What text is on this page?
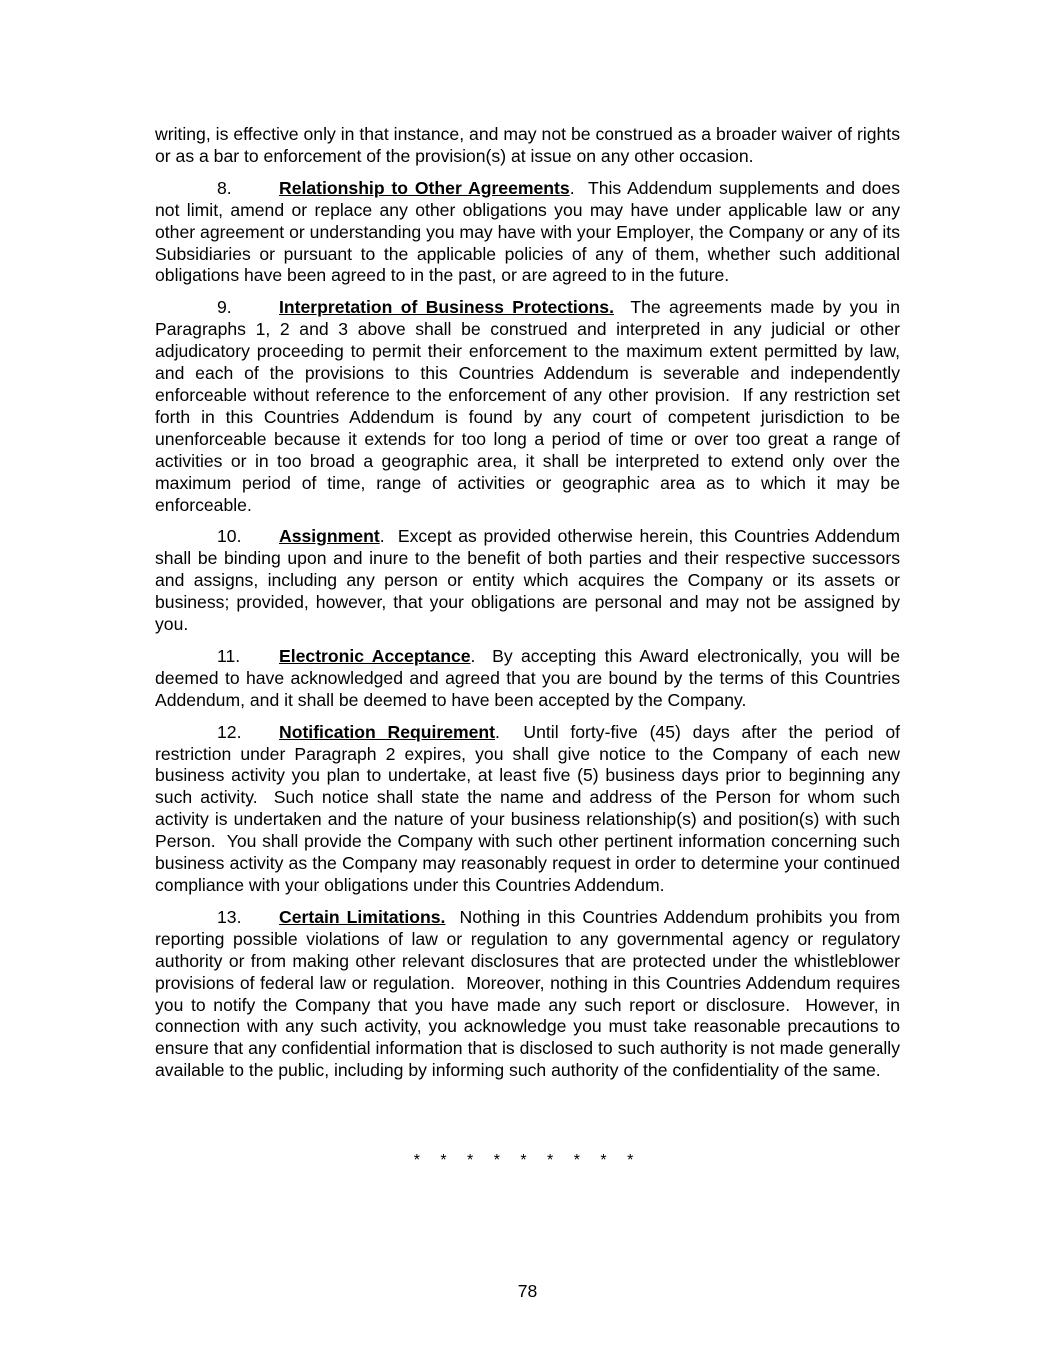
writing, is effective only in that instance, and may not be construed as a broader waiver of rights or as a bar to enforcement of the provision(s) at issue on any other occasion.

8.	Relationship to Other Agreements.  This Addendum supplements and does not limit, amend or replace any other obligations you may have under applicable law or any other agreement or understanding you may have with your Employer, the Company or any of its Subsidiaries or pursuant to the applicable policies of any of them, whether such additional obligations have been agreed to in the past, or are agreed to in the future.

9.	Interpretation of Business Protections.  The agreements made by you in Paragraphs 1, 2 and 3 above shall be construed and interpreted in any judicial or other adjudicatory proceeding to permit their enforcement to the maximum extent permitted by law, and each of the provisions to this Countries Addendum is severable and independently enforceable without reference to the enforcement of any other provision.  If any restriction set forth in this Countries Addendum is found by any court of competent jurisdiction to be unenforceable because it extends for too long a period of time or over too great a range of activities or in too broad a geographic area, it shall be interpreted to extend only over the maximum period of time, range of activities or geographic area as to which it may be enforceable.

10. Assignment.  Except as provided otherwise herein, this Countries Addendum shall be binding upon and inure to the benefit of both parties and their respective successors and assigns, including any person or entity which acquires the Company or its assets or business; provided, however, that your obligations are personal and may not be assigned by you.

11. Electronic Acceptance.  By accepting this Award electronically, you will be deemed to have acknowledged and agreed that you are bound by the terms of this Countries Addendum, and it shall be deemed to have been accepted by the Company.

12. Notification Requirement.  Until forty-five (45) days after the period of restriction under Paragraph 2 expires, you shall give notice to the Company of each new business activity you plan to undertake, at least five (5) business days prior to beginning any such activity.  Such notice shall state the name and address of the Person for whom such activity is undertaken and the nature of your business relationship(s) and position(s) with such Person.  You shall provide the Company with such other pertinent information concerning such business activity as the Company may reasonably request in order to determine your continued compliance with your obligations under this Countries Addendum.

13. Certain Limitations.  Nothing in this Countries Addendum prohibits you from reporting possible violations of law or regulation to any governmental agency or regulatory authority or from making other relevant disclosures that are protected under the whistleblower provisions of federal law or regulation.  Moreover, nothing in this Countries Addendum requires you to notify the Company that you have made any such report or disclosure.  However, in connection with any such activity, you acknowledge you must take reasonable precautions to ensure that any confidential information that is disclosed to such authority is not made generally available to the public, including by informing such authority of the confidentiality of the same.

* * * * * * * * *
78
